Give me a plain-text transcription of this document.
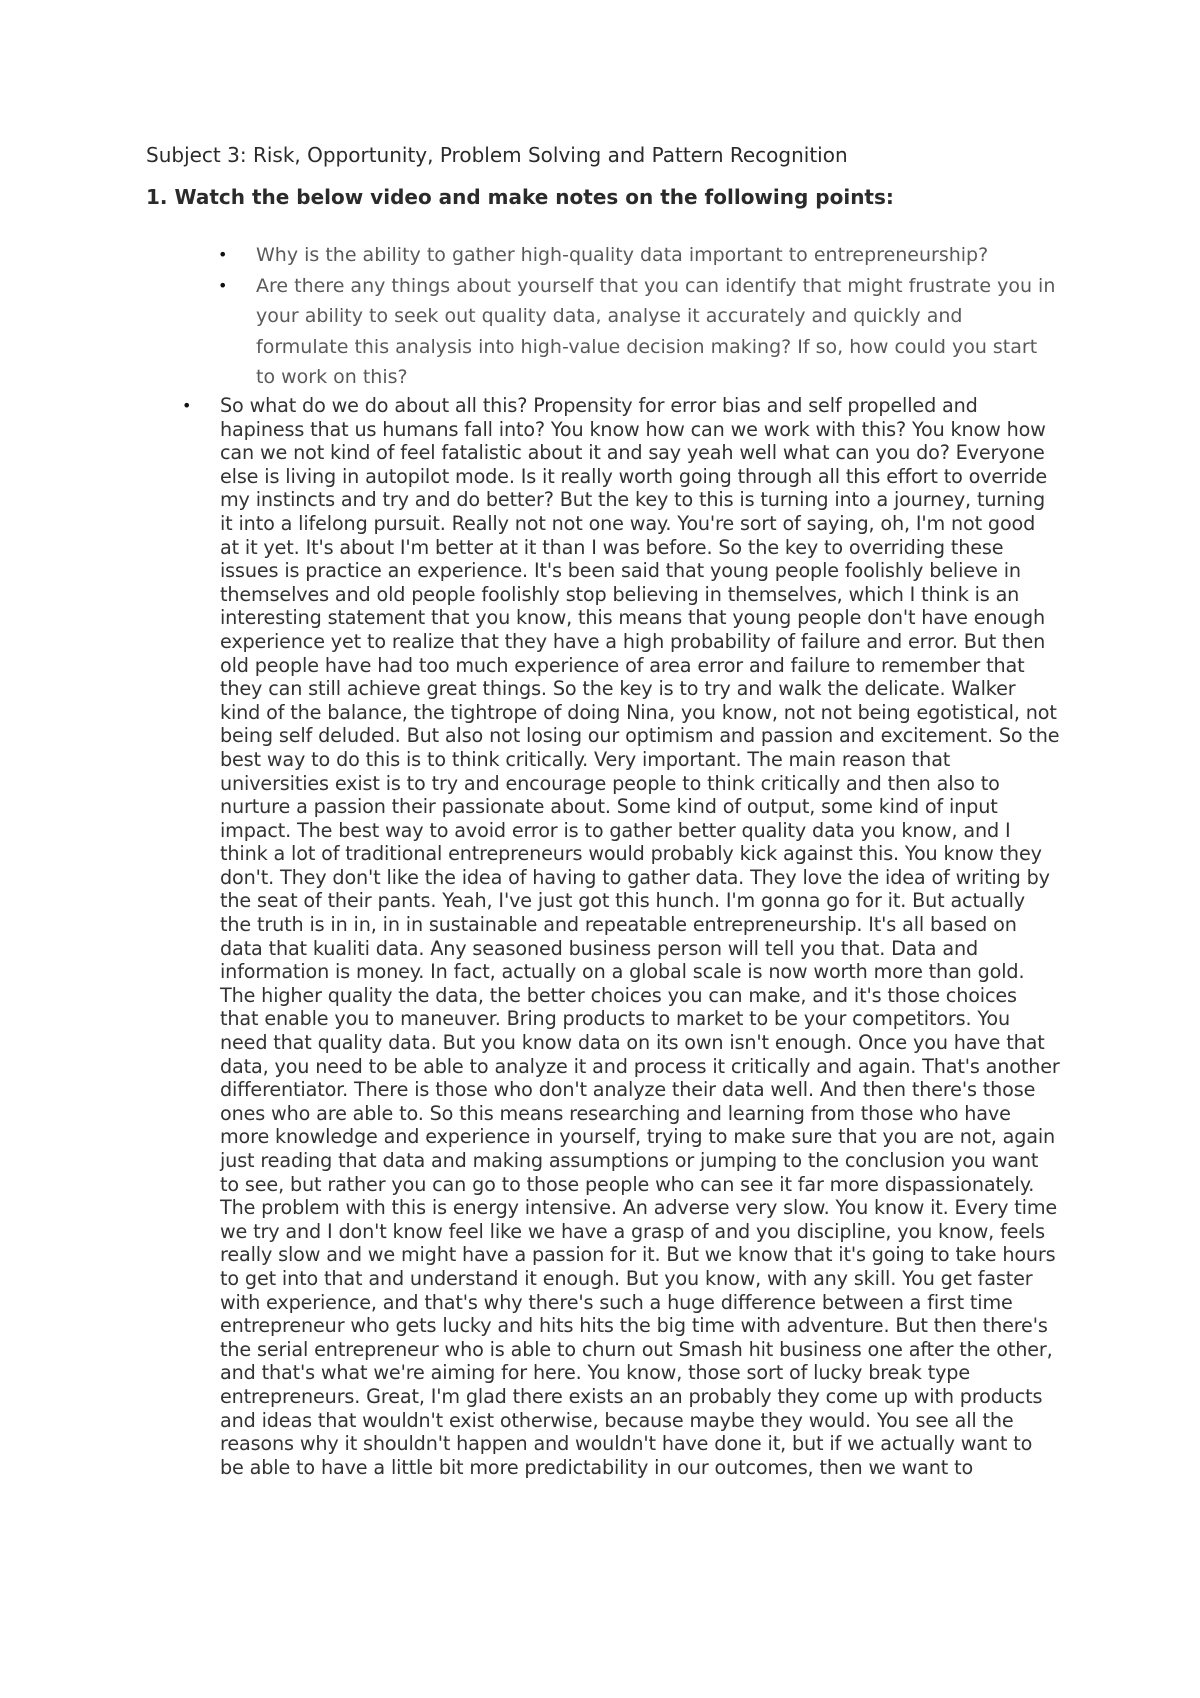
Subject 3: Risk, Opportunity, Problem Solving and Pattern Recognition
1. Watch the below video and make notes on the following points:
• Why is the ability to gather high-quality data important to entrepreneurship?
• Are there any things about yourself that you can identify that might frustrate you in your ability to seek out quality data, analyse it accurately and quickly and formulate this analysis into high-value decision making? If so, how could you start to work on this?
• So what do we do about all this? Propensity for error bias and self propelled and hapiness that us humans fall into? You know how can we work with this? You know how can we not kind of feel fatalistic about it and say yeah well what can you do? Everyone else is living in autopilot mode. Is it really worth going through all this effort to override my instincts and try and do better? But the key to this is turning into a journey, turning it into a lifelong pursuit. Really not not one way. You're sort of saying, oh, I'm not good at it yet. It's about I'm better at it than I was before. So the key to overriding these issues is practice an experience. It's been said that young people foolishly believe in themselves and old people foolishly stop believing in themselves, which I think is an interesting statement that you know, this means that young people don't have enough experience yet to realize that they have a high probability of failure and error. But then old people have had too much experience of area error and failure to remember that they can still achieve great things. So the key is to try and walk the delicate. Walker kind of the balance, the tightrope of doing Nina, you know, not not being egotistical, not being self deluded. But also not losing our optimism and passion and excitement. So the best way to do this is to think critically. Very important. The main reason that universities exist is to try and encourage people to think critically and then also to nurture a passion their passionate about. Some kind of output, some kind of input impact. The best way to avoid error is to gather better quality data you know, and I think a lot of traditional entrepreneurs would probably kick against this. You know they don't. They don't like the idea of having to gather data. They love the idea of writing by the seat of their pants. Yeah, I've just got this hunch. I'm gonna go for it. But actually the truth is in in, in in sustainable and repeatable entrepreneurship. It's all based on data that kualiti data. Any seasoned business person will tell you that. Data and information is money. In fact, actually on a global scale is now worth more than gold. The higher quality the data, the better choices you can make, and it's those choices that enable you to maneuver. Bring products to market to be your competitors. You need that quality data. But you know data on its own isn't enough. Once you have that data, you need to be able to analyze it and process it critically and again. That's another differentiator. There is those who don't analyze their data well. And then there's those ones who are able to. So this means researching and learning from those who have more knowledge and experience in yourself, trying to make sure that you are not, again just reading that data and making assumptions or jumping to the conclusion you want to see, but rather you can go to those people who can see it far more dispassionately. The problem with this is energy intensive. An adverse very slow. You know it. Every time we try and I don't know feel like we have a grasp of and you discipline, you know, feels really slow and we might have a passion for it. But we know that it's going to take hours to get into that and understand it enough. But you know, with any skill. You get faster with experience, and that's why there's such a huge difference between a first time entrepreneur who gets lucky and hits hits the big time with adventure. But then there's the serial entrepreneur who is able to churn out Smash hit business one after the other, and that's what we're aiming for here. You know, those sort of lucky break type entrepreneurs. Great, I'm glad there exists an an probably they come up with products and ideas that wouldn't exist otherwise, because maybe they would. You see all the reasons why it shouldn't happen and wouldn't have done it, but if we actually want to be able to have a little bit more predictability in our outcomes, then we want to
